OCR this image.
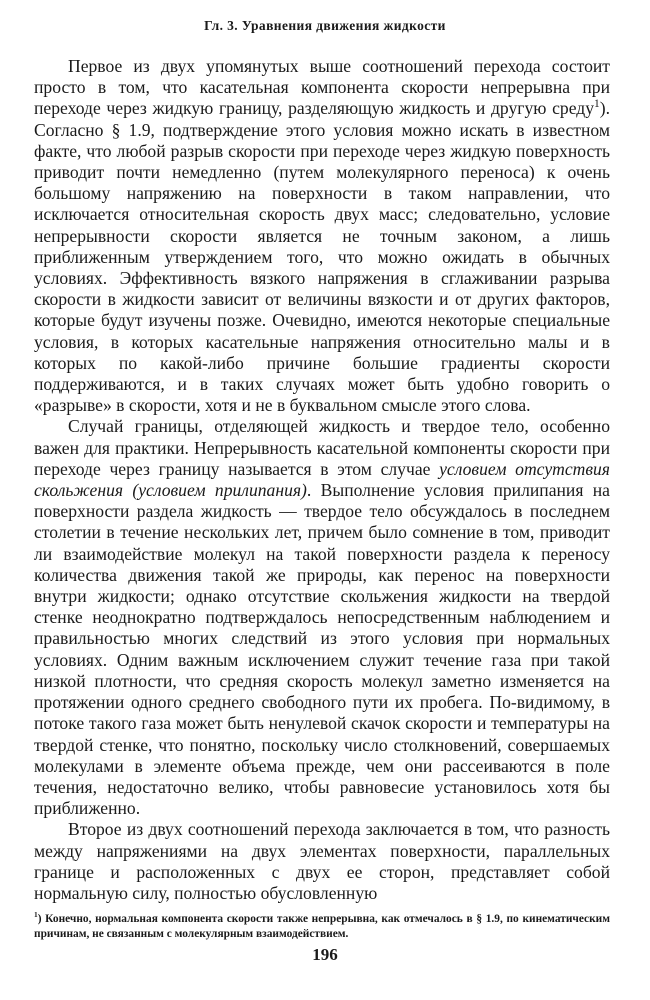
Гл. 3. Уравнения движения жидкости

Первое из двух упомянутых выше соотношений перехода состоит просто в том, что касательная компонента скорости непрерывна при переходе через жидкую границу, разделяющую жидкость и другую среду$^1$). Согласно § 1.9, подтверждение этого условия можно искать в известном факте, что любой разрыв скорости при переходе через жидкую поверхность приводит почти немедленно (путем молекулярного переноса) к очень большому напряжению на поверхности в таком направлении, что исключается относительная скорость двух масс; следовательно, условие непрерывности скорости является не точным законом, а лишь приближенным утверждением того, что можно ожидать в обычных условиях. Эффективность вязкого напряжения в сглаживании разрыва скорости в жидкости зависит от величины вязкости и от других факторов, которые будут изучены позже. Очевидно, имеются некоторые специальные условия, в которых касательные напряжения относительно малы и в которых по какой-либо причине большие градиенты скорости поддерживаются, и в таких случаях может быть удобно говорить о «разрыве» в скорости, хотя и не в буквальном смысле этого слова.

Случай границы, отделяющей жидкость и твердое тело, особенно важен для практики. Непрерывность касательной компоненты скорости при переходе через границу называется в этом случае условием отсутствия скольжения (условием прилипания). Выполнение условия прилипания на поверхности раздела жидкость — твердое тело обсуждалось в последнем столетии в течение нескольких лет, причем было сомнение в том, приводит ли взаимодействие молекул на такой поверхности раздела к переносу количества движения такой же природы, как перенос на поверхности внутри жидкости; однако отсутствие скольжения жидкости на твердой стенке неоднократно подтверждалось непосредственным наблюдением и правильностью многих следствий из этого условия при нормальных условиях. Одним важным исключением служит течение газа при такой низкой плотности, что средняя скорость молекул заметно изменяется на протяжении одного среднего свободного пути их пробега. По-видимому, в потоке такого газа может быть ненулевой скачок скорости и температуры на твердой стенке, что понятно, поскольку число столкновений, совершаемых молекулами в элементе объема прежде, чем они рассеиваются в поле течения, недостаточно велико, чтобы равновесие установилось хотя бы приближенно.

Второе из двух соотношений перехода заключается в том, что разность между напряжениями на двух элементах поверхности, параллельных границе и расположенных с двух ее сторон, представляет собой нормальную силу, полностью обусловленную

$^1$) Конечно, нормальная компонента скорости также непрерывна, как отмечалось в § 1.9, по кинематическим причинам, не связанным с молекулярным взаимодействием.

196
